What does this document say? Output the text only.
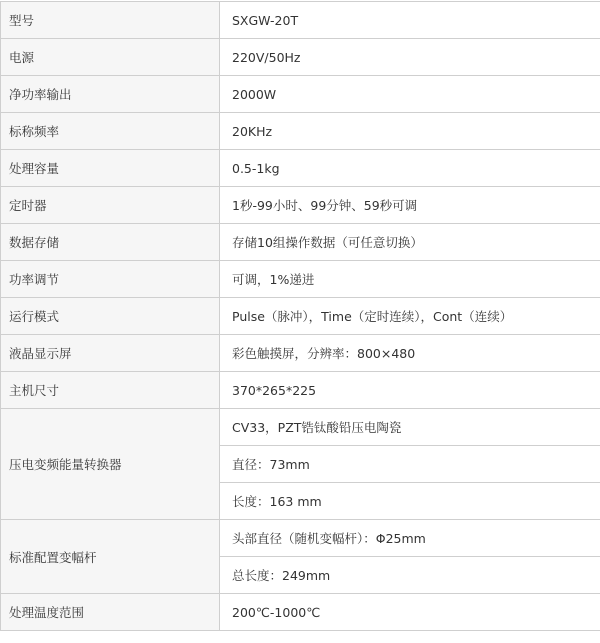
型号	SXGW-20T
电源	220V/50Hz
净功率输出	2000W
标称频率	20KHz
处理容量	0.5-1kg
定时器	1秒-99小时、99分钟、59秒可调
数据存储	存储10组操作数据（可任意切换）
功率调节	可调，1%递进
运行模式	Pulse（脉冲），Time（定时连续），Cont（连续）
液晶显示屏	彩色触摸屏，分辨率：800×480
主机尺寸	370*265*225
压电变频能量转换器	CV33，PZT锆钛酸铅压电陶瓷
	直径：73mm
	长度：163 mm
标准配置变幅杆	头部直径（随机变幅杆）：Φ25mm
	总长度：249mm
处理温度范围	200℃-1000℃
